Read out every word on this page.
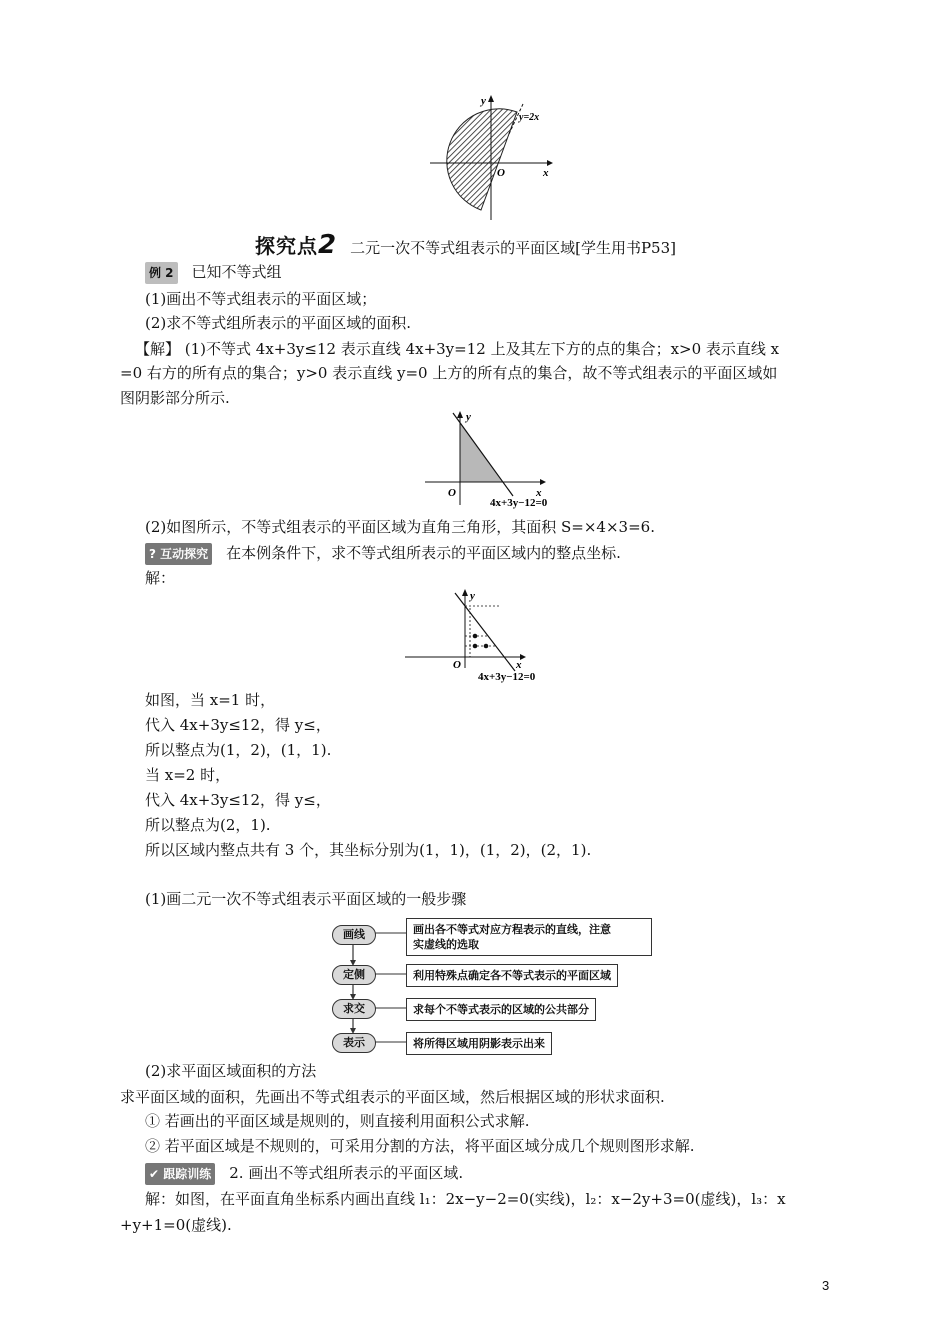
y
x
O
y=2x
探究点2 二元一次不等式组表示的平面区域[学生用书P53]
例 2 已知不等式组
(1)画出不等式组表示的平面区域；
(2)求不等式组所表示的平面区域的面积.
【解】 (1)不等式 4x+3y≤12 表示直线 4x+3y=12 上及其左下方的点的集合；x>0 表示直线 x
=0 右方的所有点的集合；y>0 表示直线 y=0 上方的所有点的集合，故不等式组表示的平面区域如
图阴影部分所示.
y
x
O
4x+3y−12=0
(2)如图所示，不等式组表示的平面区域为直角三角形，其面积 S=×4×3=6.
? 互动探究 在本例条件下，求不等式组所表示的平面区域内的整点坐标.
解：
y
x
O
4x+3y−12=0
如图，当 x=1 时，
代入 4x+3y≤12，得 y≤，
所以整点为(1，2)，(1，1).
当 x=2 时，
代入 4x+3y≤12，得 y≤，
所以整点为(2，1).
所以区域内整点共有 3 个，其坐标分别为(1，1)，(1，2)，(2，1).
(1)画二元一次不等式组表示平面区域的一般步骤
画线	画出各不等式对应方程表示的直线，注意
实虚线的选取
定侧	利用特殊点确定各不等式表示的平面区域
求交	求每个不等式表示的区域的公共部分
表示	将所得区域用阴影表示出来
(2)求平面区域面积的方法
求平面区域的面积，先画出不等式组表示的平面区域，然后根据区域的形状求面积.
① 若画出的平面区域是规则的，则直接利用面积公式求解.
② 若平面区域是不规则的，可采用分割的方法，将平面区域分成几个规则图形求解.
✔ 跟踪训练 2. 画出不等式组所表示的平面区域.
解：如图，在平面直角坐标系内画出直线 l₁：2x−y−2=0(实线)，l₂：x−2y+3=0(虚线)，l₃：x
+y+1=0(虚线).
3
